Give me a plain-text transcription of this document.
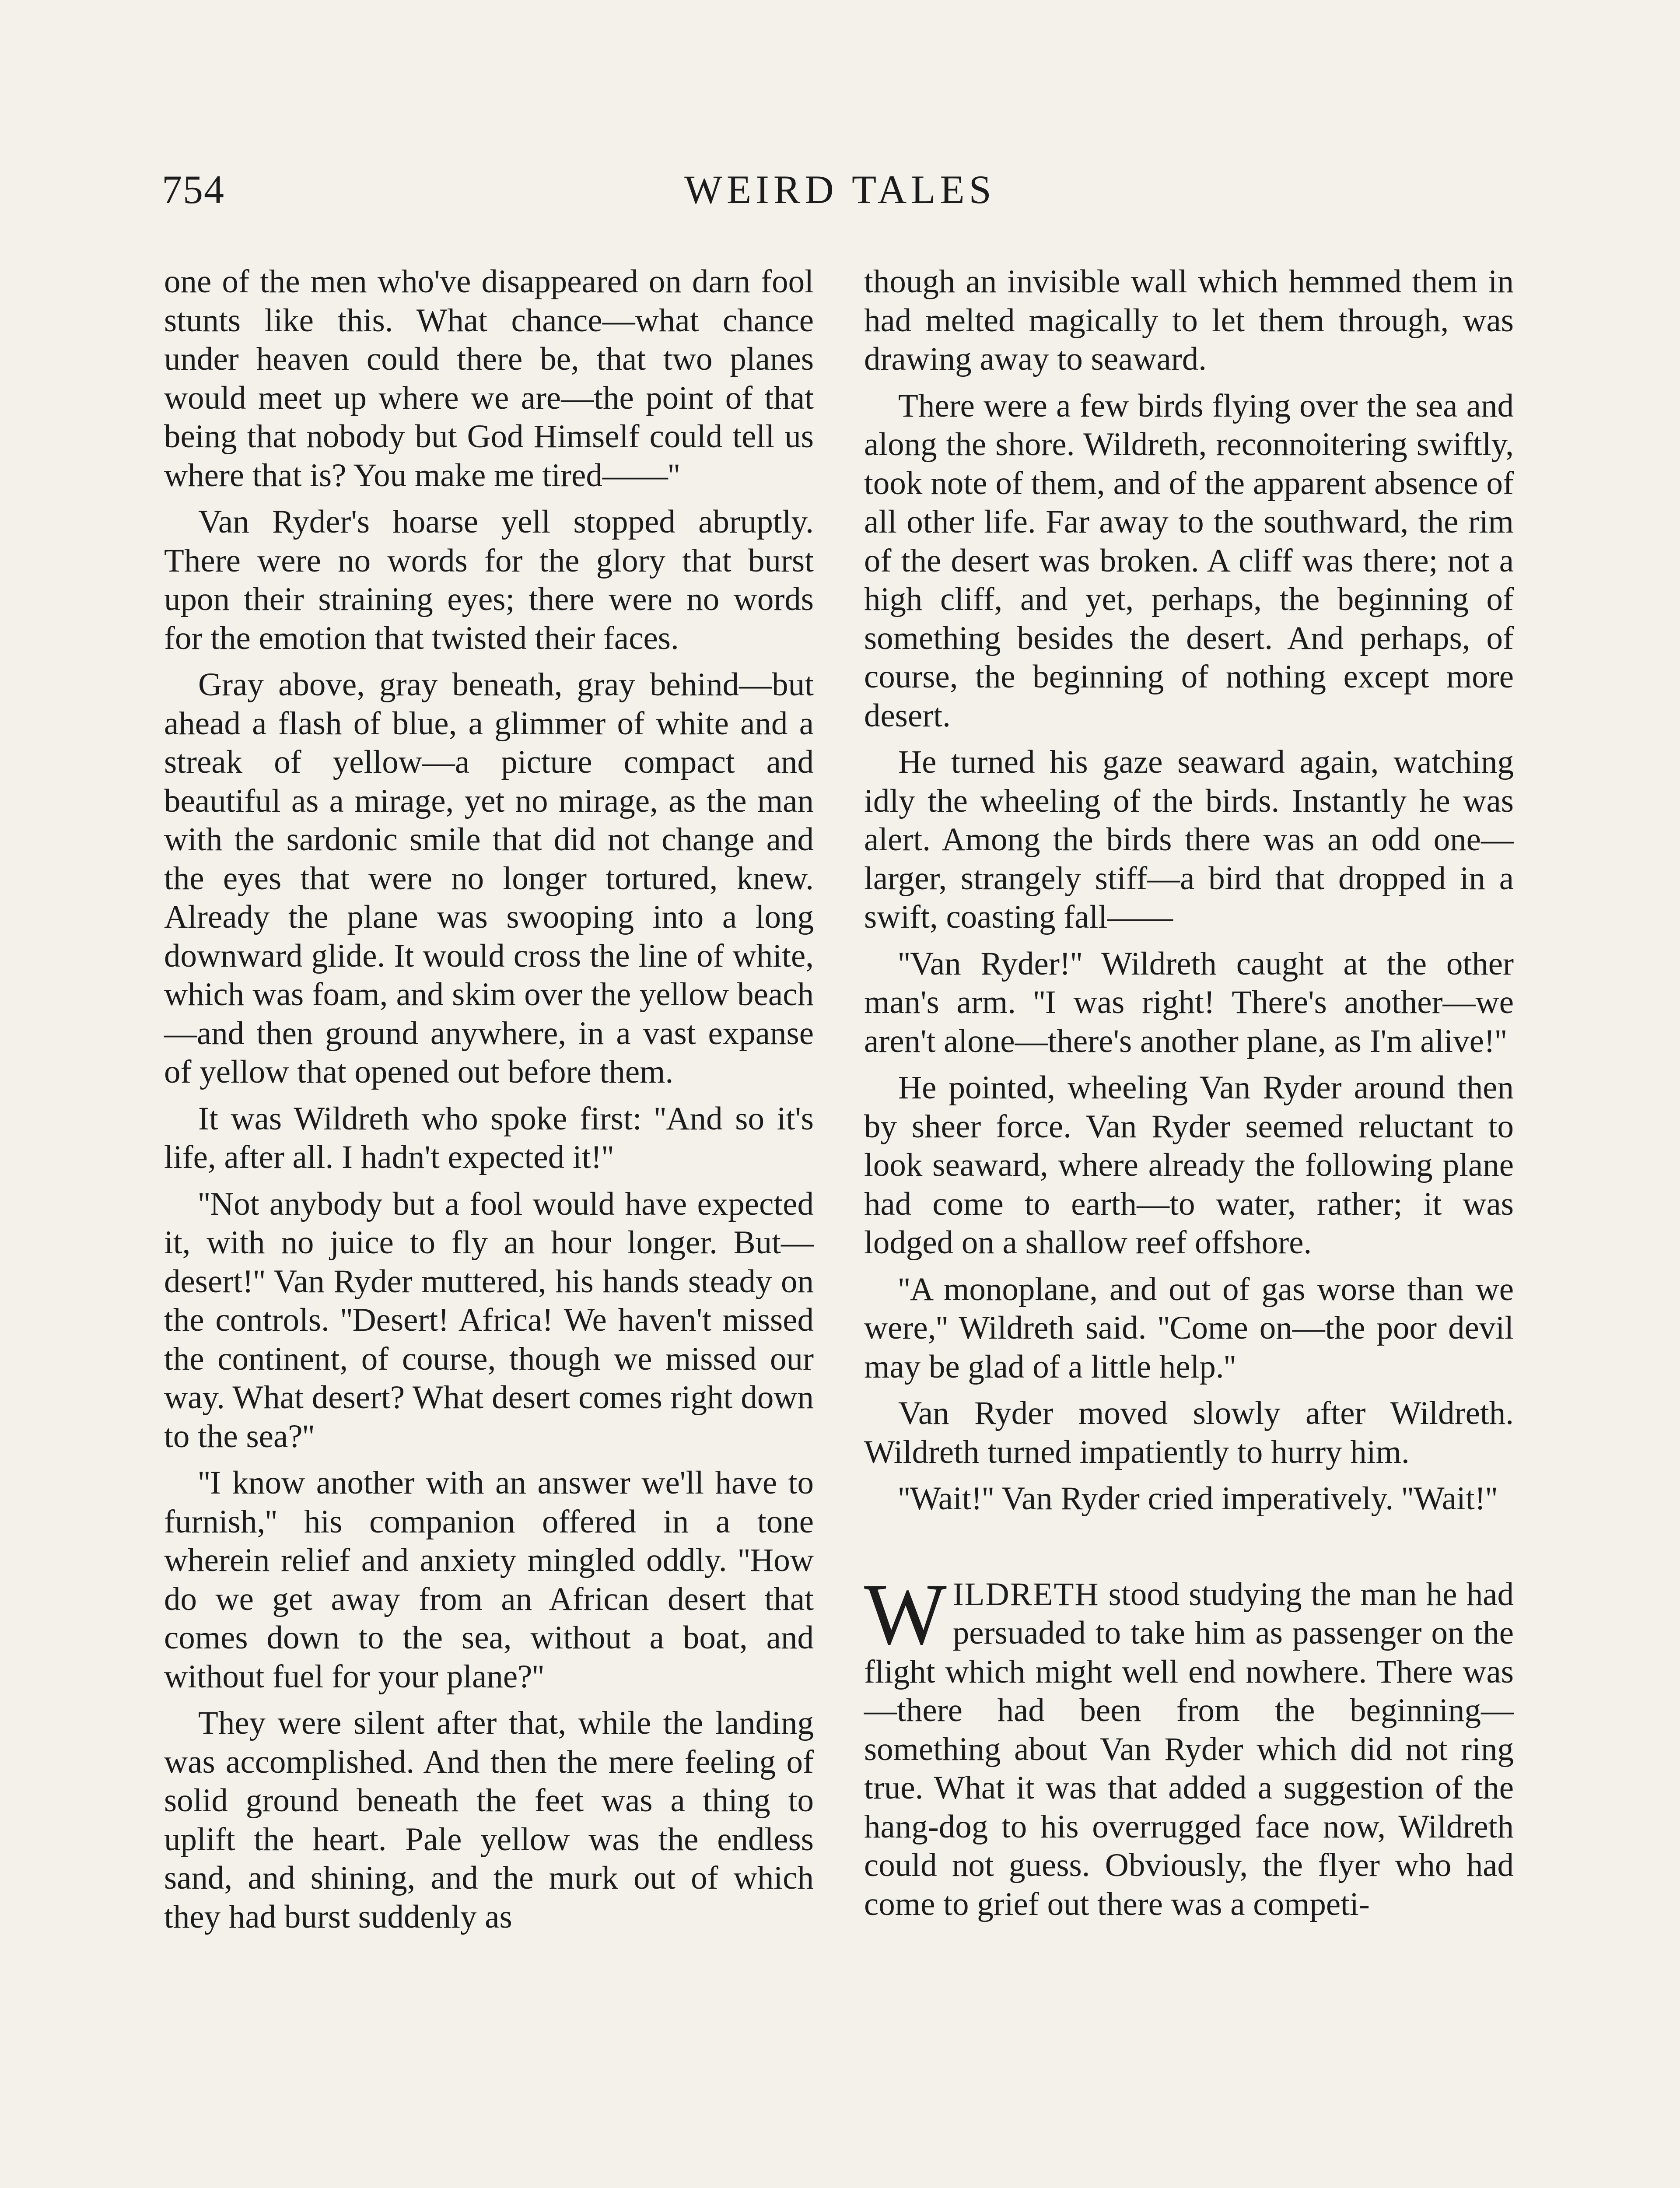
754	WEIRD TALES

one of the men who've disappeared on darn fool stunts like this. What chance—what chance under heaven could there be, that two planes would meet up where we are—the point of that being that nobody but God Himself could tell us where that is? You make me tired——''

Van Ryder's hoarse yell stopped abruptly. There were no words for the glory that burst upon their straining eyes; there were no words for the emotion that twisted their faces.

Gray above, gray beneath, gray behind—but ahead a flash of blue, a glimmer of white and a streak of yellow—a picture compact and beautiful as a mirage, yet no mirage, as the man with the sardonic smile that did not change and the eyes that were no longer tortured, knew. Already the plane was swooping into a long downward glide. It would cross the line of white, which was foam, and skim over the yellow beach—and then ground anywhere, in a vast expanse of yellow that opened out before them.

It was Wildreth who spoke first: ''And so it's life, after all. I hadn't expected it!''

''Not anybody but a fool would have expected it, with no juice to fly an hour longer. But—desert!'' Van Ryder muttered, his hands steady on the controls. ''Desert! Africa! We haven't missed the continent, of course, though we missed our way. What desert? What desert comes right down to the sea?''

''I know another with an answer we'll have to furnish,'' his companion offered in a tone wherein relief and anxiety mingled oddly. ''How do we get away from an African desert that comes down to the sea, without a boat, and without fuel for your plane?''

They were silent after that, while the landing was accomplished. And then the mere feeling of solid ground beneath the feet was a thing to uplift the heart. Pale yellow was the endless sand, and shining, and the murk out of which they had burst suddenly as

though an invisible wall which hemmed them in had melted magically to let them through, was drawing away to seaward.

There were a few birds flying over the sea and along the shore. Wildreth, reconnoitering swiftly, took note of them, and of the apparent absence of all other life. Far away to the southward, the rim of the desert was broken. A cliff was there; not a high cliff, and yet, perhaps, the beginning of something besides the desert. And perhaps, of course, the beginning of nothing except more desert.

He turned his gaze seaward again, watching idly the wheeling of the birds. Instantly he was alert. Among the birds there was an odd one—larger, strangely stiff—a bird that dropped in a swift, coasting fall——

''Van Ryder!'' Wildreth caught at the other man's arm. ''I was right! There's another—we aren't alone—there's another plane, as I'm alive!''

He pointed, wheeling Van Ryder around then by sheer force. Van Ryder seemed reluctant to look seaward, where already the following plane had come to earth—to water, rather; it was lodged on a shallow reef offshore.

''A monoplane, and out of gas worse than we were,'' Wildreth said. ''Come on—the poor devil may be glad of a little help.''

Van Ryder moved slowly after Wildreth. Wildreth turned impatiently to hurry him.

''Wait!'' Van Ryder cried imperatively. ''Wait!''

WILDRETH stood studying the man he had persuaded to take him as passenger on the flight which might well end nowhere. There was—there had been from the beginning—something about Van Ryder which did not ring true. What it was that added a suggestion of the hang-dog to his overrugged face now, Wildreth could not guess. Obviously, the flyer who had come to grief out there was a competi-
